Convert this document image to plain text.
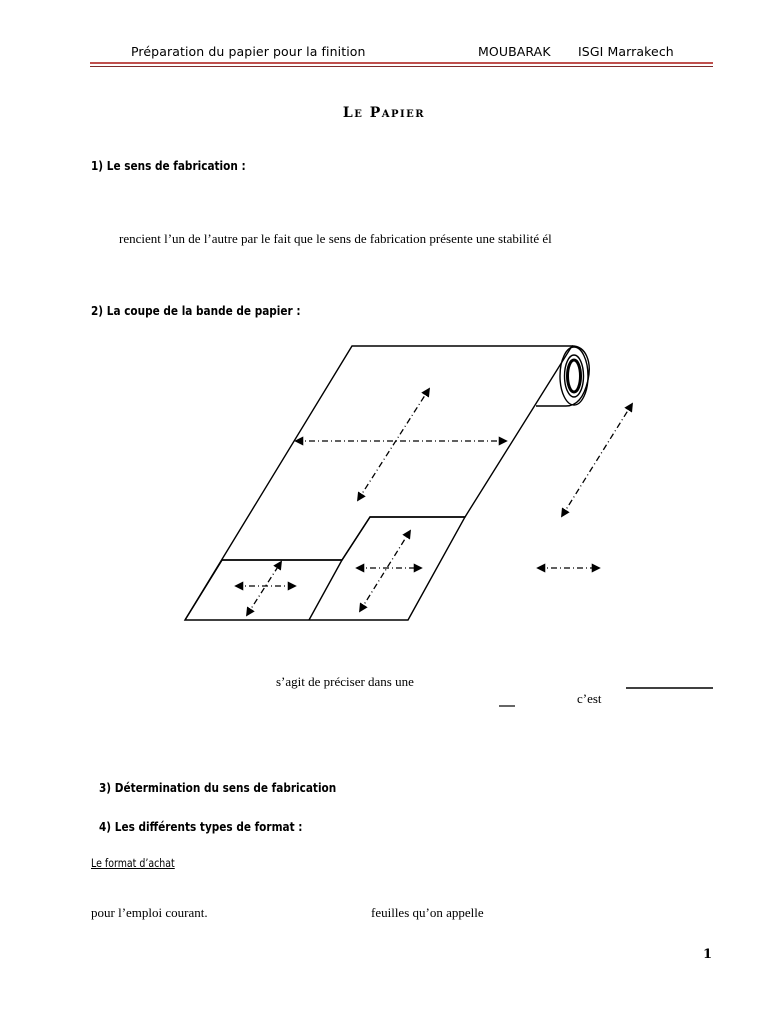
Préparation du papier pour la finition	MOUBARAK ISGI Marrakech
Le Papier
1) Le sens de fabrication :
rencient l’un de l’autre par le fait que le sens de fabrication présente une stabilité él
2) La coupe de la bande de papier :
s’agit de préciser dans une
c’est
3) Détermination du sens de fabrication
4) Les différents types de format :
Le format d’achat
pour l’emploi courant.	feuilles qu’on appelle
1
